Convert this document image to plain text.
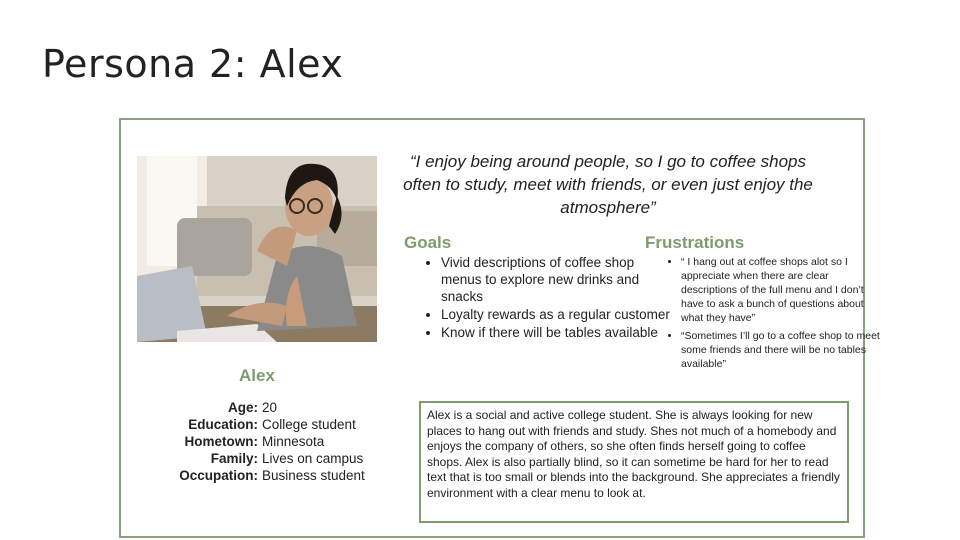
Persona 2: Alex
“I enjoy being around people, so I go to coffee shops often to study, meet with friends, or even just enjoy the atmosphere”
Goals
• Vivid descriptions of coffee shop menus to explore new drinks and snacks
• Loyalty rewards as a regular customer
• Know if there will be tables available
Frustrations
• “ I hang out at coffee shops alot so I appreciate when there are clear descriptions of the full menu and I don’t have to ask a bunch of questions about what they have”
• “Sometimes I’ll go to a coffee shop to meet some friends and there will be no tables available”
Alex
Age: 20
Education: College student
Hometown: Minnesota
Family: Lives on campus
Occupation: Business student
Alex is a social and active college student. She is always looking for new places to hang out with friends and study. Shes not much of a homebody and enjoys the company of others, so she often finds herself going to coffee shops. Alex is also partially blind, so it can sometime be hard for her to read text that is too small or blends into the background. She appreciates a friendly environment with a clear menu to look at.
